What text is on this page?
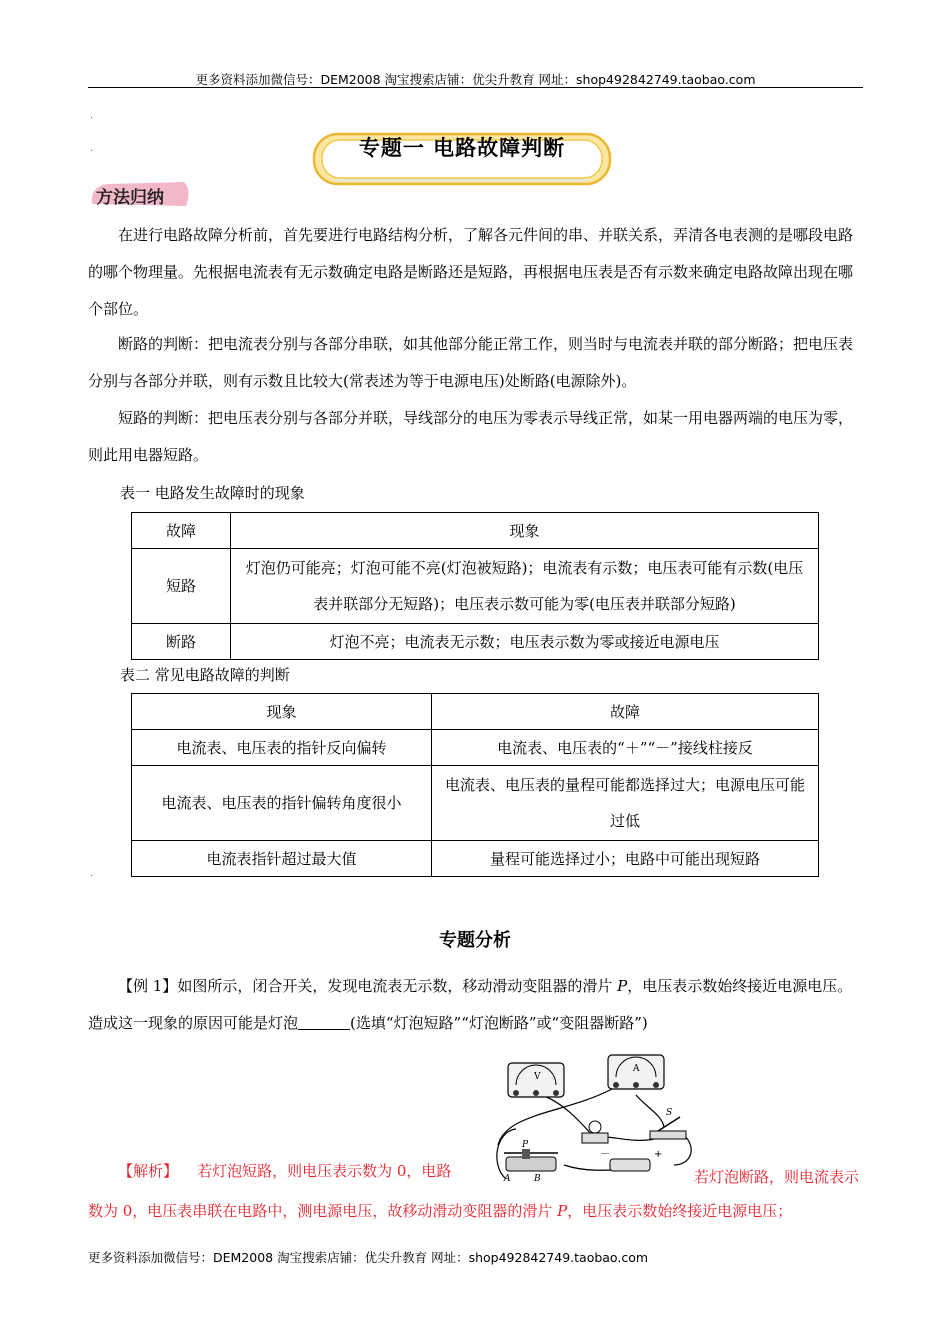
更多资料添加微信号：DEM2008 淘宝搜索店铺：优尖升教育 网址：shop492842749.taobao.com
.
.
.
专题一 电路故障判断
方法归纳

在进行电路故障分析前，首先要进行电路结构分析，了解各元件间的串、并联关系，弄清各电表测的是哪段电路的哪个物理量。先根据电流表有无示数确定电路是断路还是短路，再根据电压表是否有示数来确定电路故障出现在哪个部位。

断路的判断：把电流表分别与各部分串联，如其他部分能正常工作，则当时与电流表并联的部分断路；把电压表分别与各部分并联，则有示数且比较大(常表述为等于电源电压)处断路(电源除外)。

短路的判断：把电压表分别与各部分并联，导线部分的电压为零表示导线正常，如某一用电器两端的电压为零，则此用电器短路。

表一 电路发生故障时的现象
故障	现象
短路	灯泡仍可能亮；灯泡可能不亮(灯泡被短路)；电流表有示数；电压表可能有示数(电压表并联部分无短路)；电压表示数可能为零(电压表并联部分短路)
断路	灯泡不亮；电流表无示数；电压表示数为零或接近电源电压
表二 常见电路故障的判断
现象	故障
电流表、电压表的指针反向偏转	电流表、电压表的“＋”“－”接线柱接反
电流表、电压表的指针偏转角度很小	电流表、电压表的量程可能都选择过大；电源电压可能过低
电流表指针超过最大值	量程可能选择过小；电路中可能出现短路
专题分析

【例 1】如图所示，闭合开关，发现电流表无示数，移动滑动变阻器的滑片 P，电压表示数始终接近电源电压。造成这一现象的原因可能是灯泡	(选填“灯泡短路”“灯泡断路”或“变阻器断路”)

V
A
S
P
A	B
－	+
【解析】 若灯泡短路，则电压表示数为 0，电路	若灯泡断路，则电流表示数为 0，电压表串联在电路中，测电源电压，故移动滑动变阻器的滑片 P，电压表示数始终接近电源电压；
更多资料添加微信号：DEM2008 淘宝搜索店铺：优尖升教育 网址：shop492842749.taobao.com
